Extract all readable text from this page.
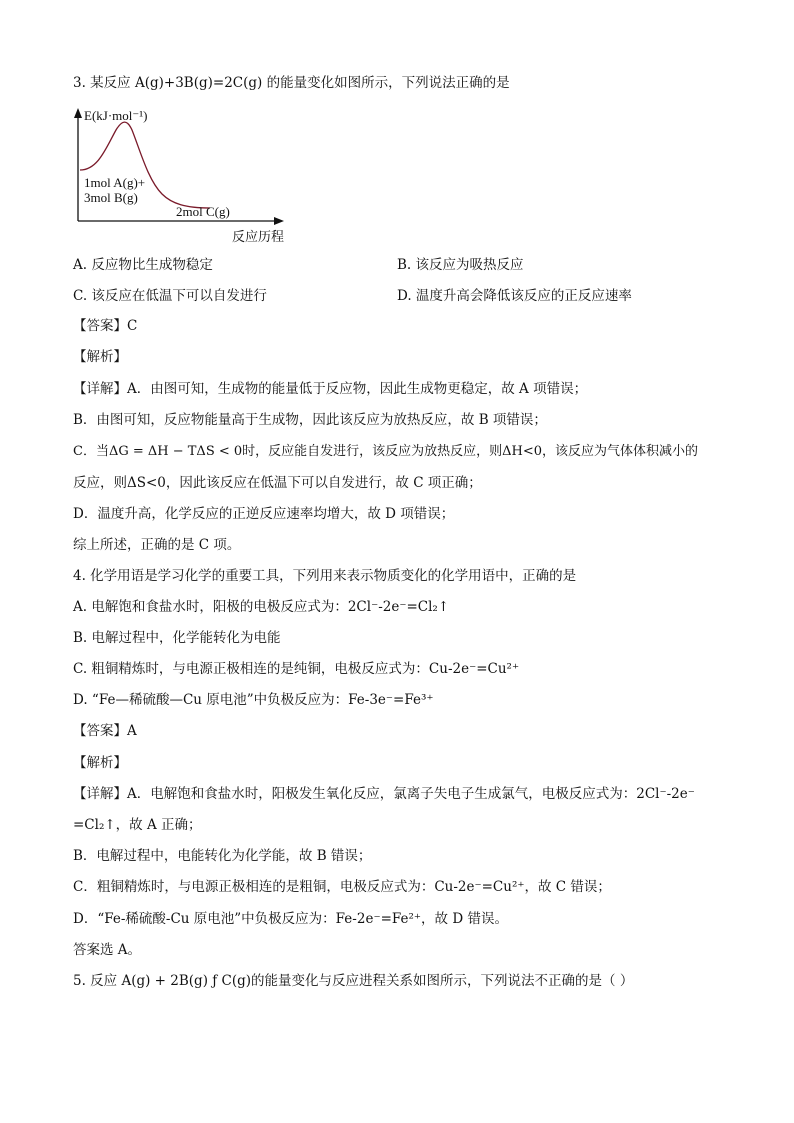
3. 某反应 A(g)+3B(g)=2C(g) 的能量变化如图所示，下列说法正确的是
E(kJ·mol⁻¹)
1mol A(g)+
3mol B(g)
2mol C(g)
反应历程
A. 反应物比生成物稳定	B. 该反应为吸热反应
C. 该反应在低温下可以自发进行	D. 温度升高会降低该反应的正反应速率
【答案】C
【解析】
【详解】A．由图可知，生成物的能量低于反应物，因此生成物更稳定，故 A 项错误；
B．由图可知，反应物能量高于生成物，因此该反应为放热反应，故 B 项错误；
C．当ΔG = ΔH − TΔS < 0时，反应能自发进行，该反应为放热反应，则ΔH<0，该反应为气体体积减小的
反应，则ΔS<0，因此该反应在低温下可以自发进行，故 C 项正确；
D．温度升高，化学反应的正逆反应速率均增大，故 D 项错误；
综上所述，正确的是 C 项。
4. 化学用语是学习化学的重要工具，下列用来表示物质变化的化学用语中，正确的是
A. 电解饱和食盐水时，阳极的电极反应式为：2Cl⁻-2e⁻=Cl₂↑
B. 电解过程中，化学能转化为电能
C. 粗铜精炼时，与电源正极相连的是纯铜，电极反应式为：Cu-2e⁻=Cu²⁺
D. “Fe—稀硫酸—Cu 原电池”中负极反应为：Fe-3e⁻=Fe³⁺
【答案】A
【解析】
【详解】A．电解饱和食盐水时，阳极发生氧化反应，氯离子失电子生成氯气，电极反应式为：2Cl⁻-2e⁻
=Cl₂↑，故 A 正确；
B．电解过程中，电能转化为化学能，故 B 错误；
C．粗铜精炼时，与电源正极相连的是粗铜，电极反应式为：Cu-2e⁻=Cu²⁺，故 C 错误；
D．“Fe-稀硫酸-Cu 原电池”中负极反应为：Fe-2e⁻=Fe²⁺，故 D 错误。
答案选 A。
5. 反应 A(g) + 2B(g) ƒ C(g)的能量变化与反应进程关系如图所示，下列说法不正确的是（ ）
